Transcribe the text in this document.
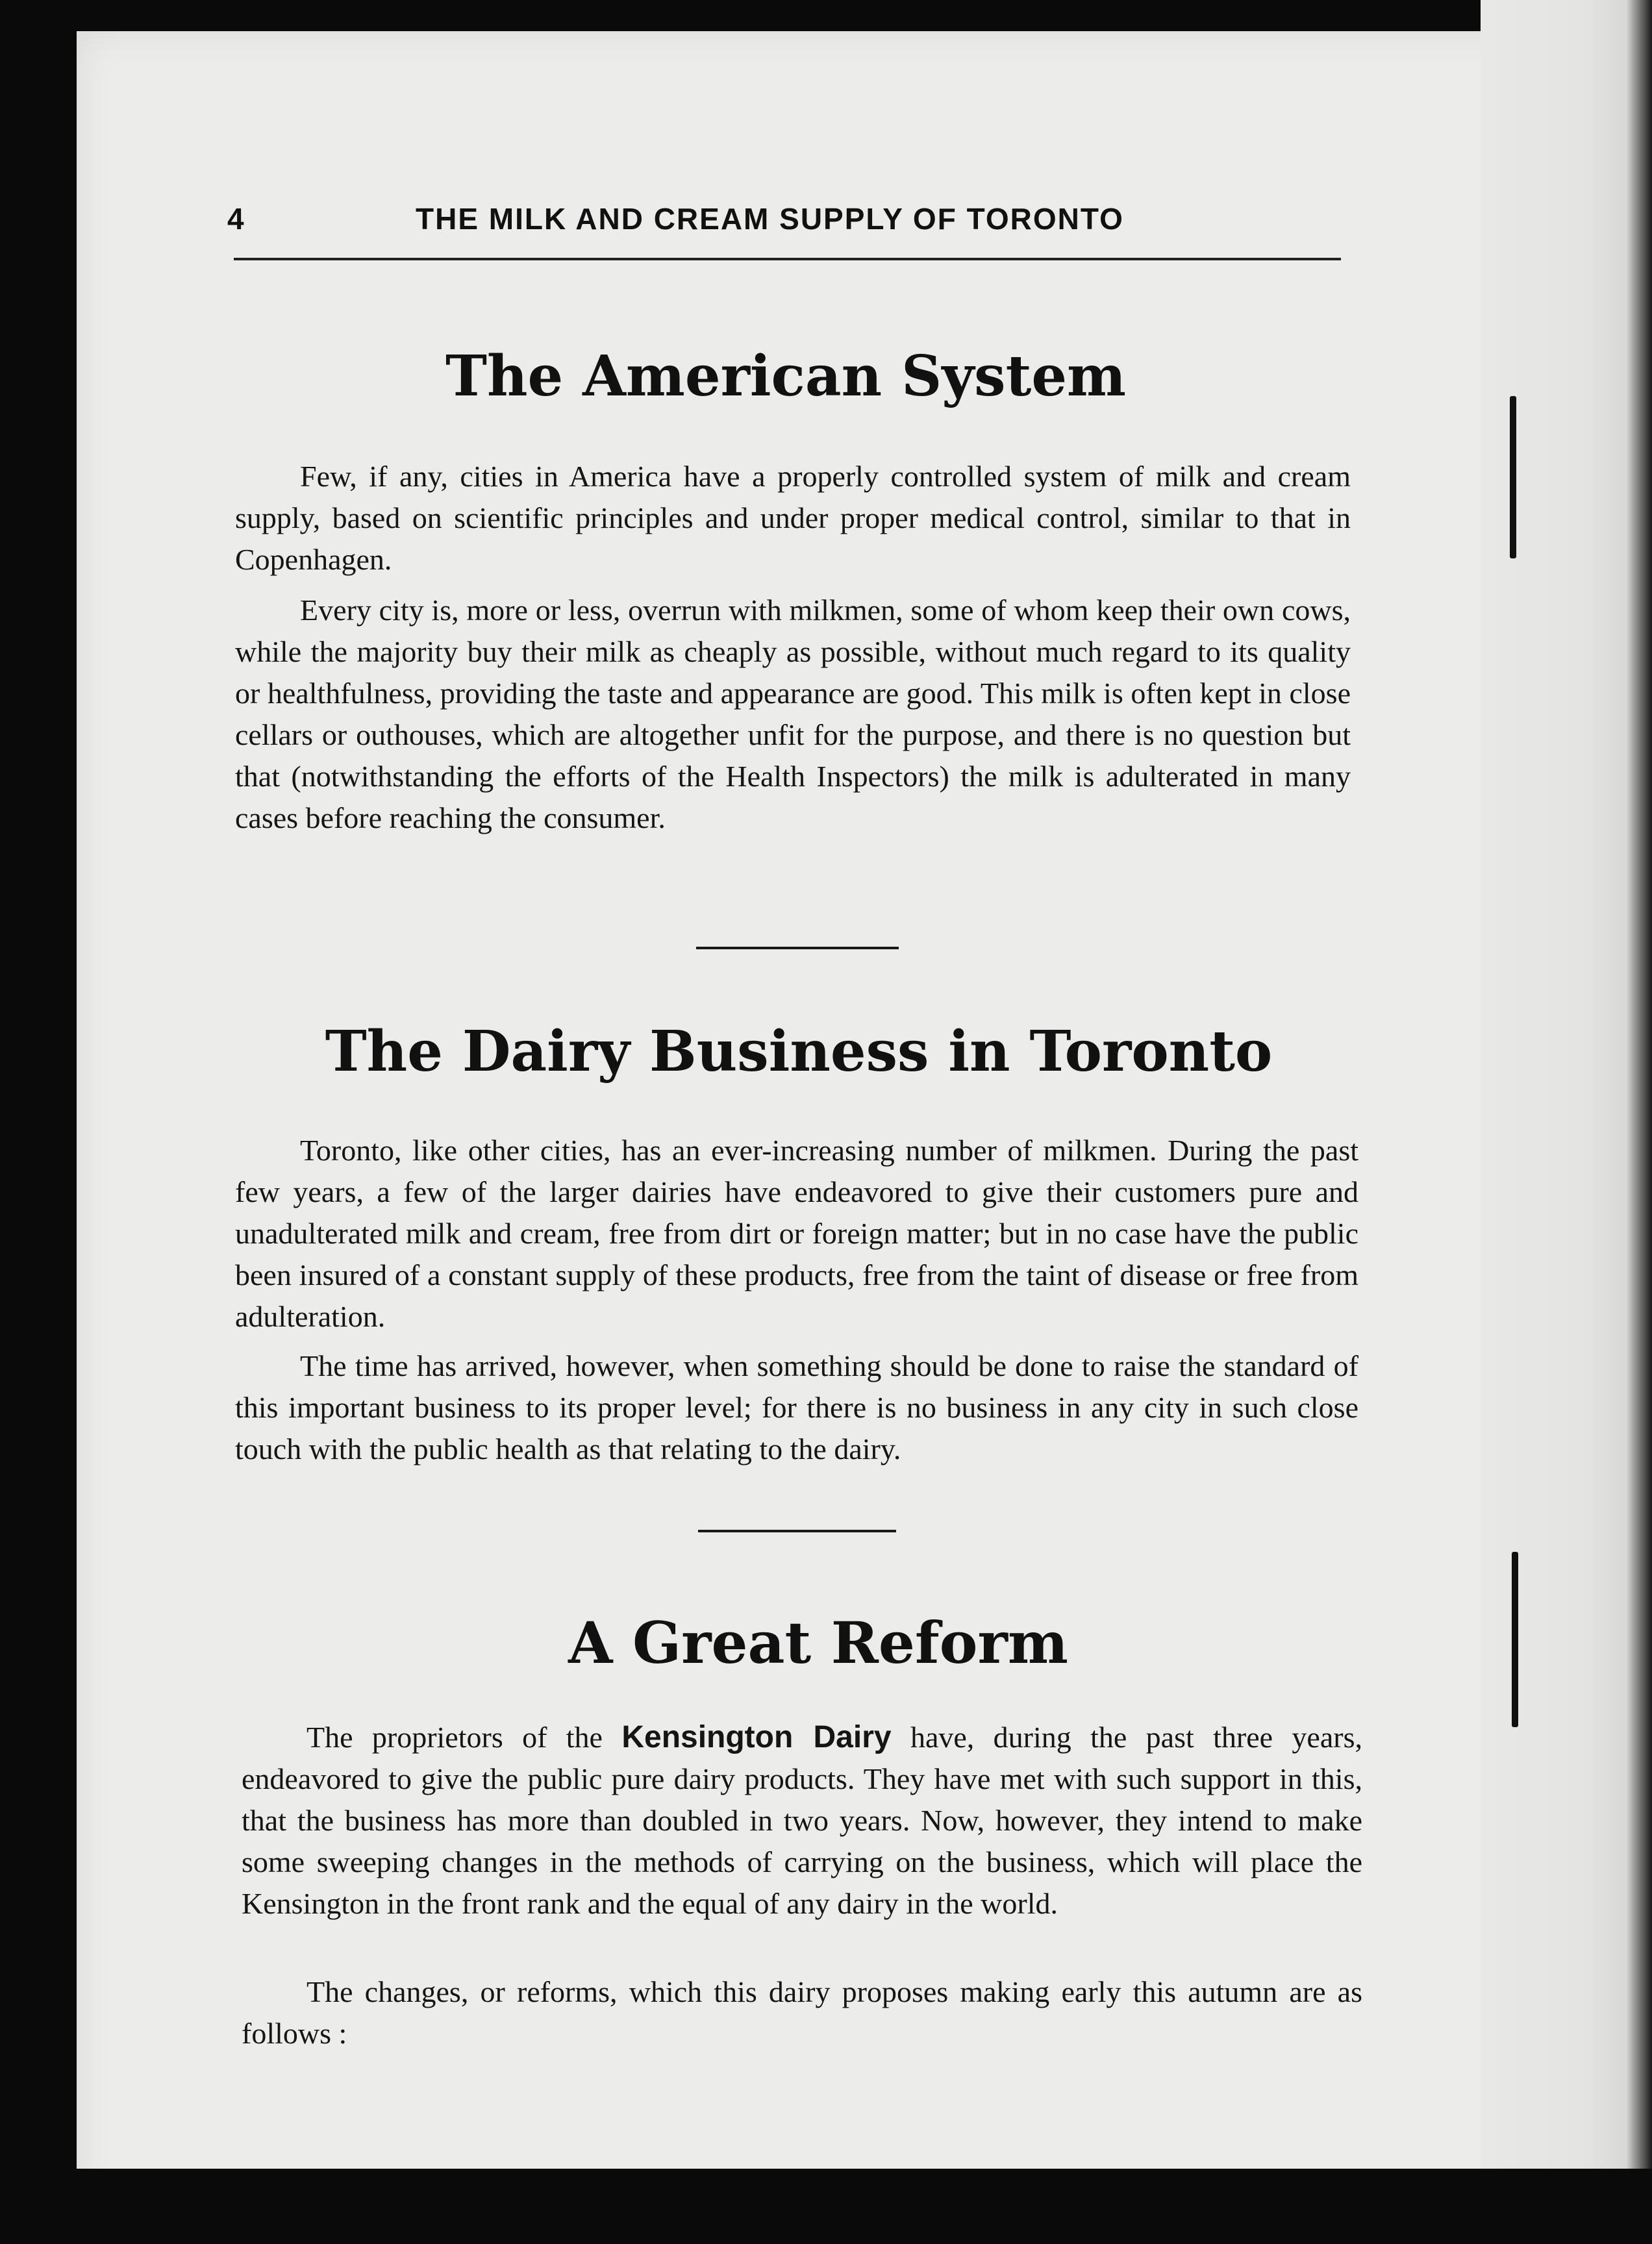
4	THE MILK AND CREAM SUPPLY OF TORONTO
The American System

Few, if any, cities in America have a properly controlled system of milk and cream supply, based on scientific principles and under proper medical control, similar to that in Copenhagen.

Every city is, more or less, overrun with milkmen, some of whom keep their own cows, while the majority buy their milk as cheaply as possible, without much regard to its quality or healthfulness, providing the taste and appearance are good. This milk is often kept in close cellars or outhouses, which are altogether unfit for the purpose, and there is no question but that (notwithstanding the efforts of the Health Inspectors) the milk is adulterated in many cases before reaching the consumer.

The Dairy Business in Toronto

Toronto, like other cities, has an ever-increasing number of milkmen. During the past few years, a few of the larger dairies have endeavored to give their customers pure and unadulterated milk and cream, free from dirt or foreign matter; but in no case have the public been insured of a constant supply of these products, free from the taint of disease or free from adulteration.

The time has arrived, however, when something should be done to raise the standard of this important business to its proper level; for there is no business in any city in such close touch with the public health as that relating to the dairy.

A Great Reform

The proprietors of the Kensington Dairy have, during the past three years, endeavored to give the public pure dairy products. They have met with such support in this, that the business has more than doubled in two years. Now, however, they intend to make some sweeping changes in the methods of carrying on the business, which will place the Kensington in the front rank and the equal of any dairy in the world.

The changes, or reforms, which this dairy proposes making early this autumn are as follows :
